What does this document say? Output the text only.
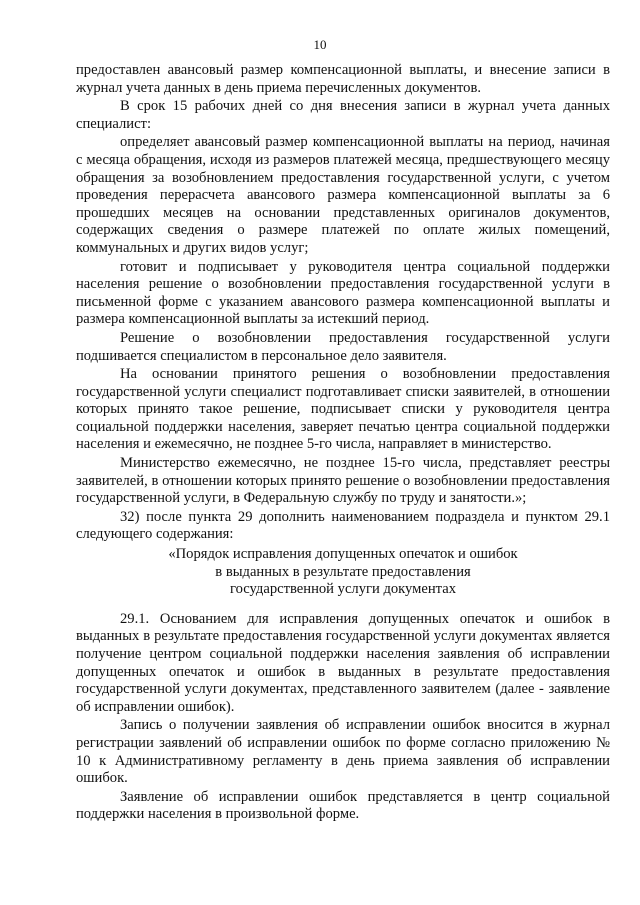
10

предоставлен авансовый размер компенсационной выплаты, и внесение записи в журнал учета данных в день приема перечисленных документов.

В срок 15 рабочих дней со дня внесения записи в журнал учета данных специалист:

определяет авансовый размер компенсационной выплаты на период, начиная с месяца обращения, исходя из размеров платежей месяца, предшествующего месяцу обращения за возобновлением предоставления государственной услуги, с учетом проведения перерасчета авансового размера компенсационной выплаты за 6 прошедших месяцев на основании представленных оригиналов документов, содержащих сведения о размере платежей по оплате жилых помещений, коммунальных и других видов услуг;

готовит и подписывает у руководителя центра социальной поддержки населения решение о возобновлении предоставления государственной услуги в письменной форме с указанием авансового размера компенсационной выплаты и размера компенсационной выплаты за истекший период.

Решение о возобновлении предоставления государственной услуги подшивается специалистом в персональное дело заявителя.

На основании принятого решения о возобновлении предоставления государственной услуги специалист подготавливает списки заявителей, в отношении которых принято такое решение, подписывает списки у руководителя центра социальной поддержки населения, заверяет печатью центра социальной поддержки населения и ежемесячно, не позднее 5-го числа, направляет в министерство.

Министерство ежемесячно, не позднее 15-го числа, представляет реестры заявителей, в отношении которых принято решение о возобновлении предоставления государственной услуги, в Федеральную службу по труду и занятости.»;

32) после пункта 29 дополнить наименованием подраздела и пунктом 29.1 следующего содержания:

«Порядок исправления допущенных опечаток и ошибок

в выданных в результате предоставления

государственной услуги документах

29.1. Основанием для исправления допущенных опечаток и ошибок в выданных в результате предоставления государственной услуги документах является получение центром социальной поддержки населения заявления об исправлении допущенных опечаток и ошибок в выданных в результате предоставления государственной услуги документах, представленного заявителем (далее - заявление об исправлении ошибок).

Запись о получении заявления об исправлении ошибок вносится в журнал регистрации заявлений об исправлении ошибок по форме согласно приложению № 10 к Административному регламенту в день приема заявления об исправлении ошибок.

Заявление об исправлении ошибок представляется в центр социальной поддержки населения в произвольной форме.
